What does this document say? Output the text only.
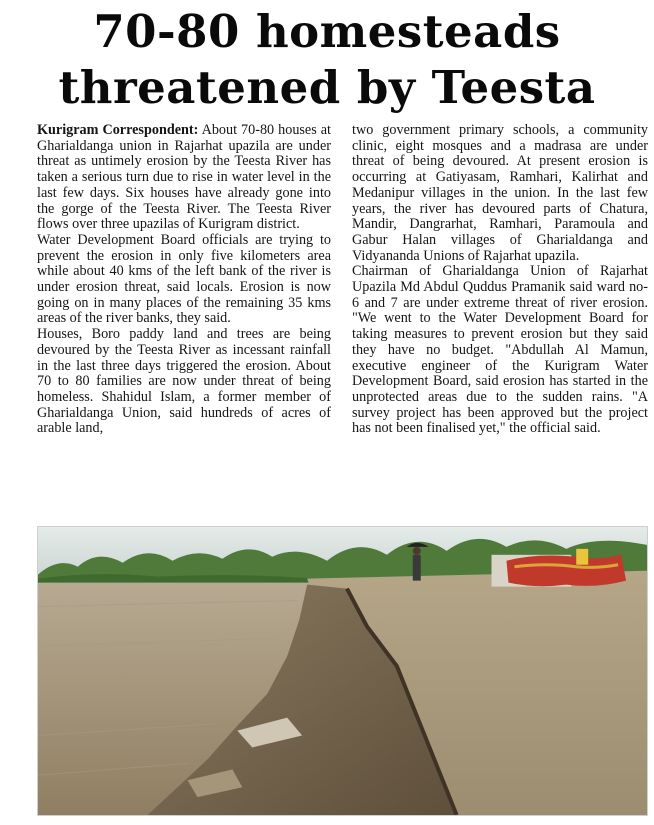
70-80 homesteads
threatened by Teesta

Kurigram Correspondent: About 70-80 houses at Gharialdanga union in Rajarhat upazila are under threat as untimely erosion by the Teesta River has taken a serious turn due to rise in water level in the last few days. Six houses have already gone into the gorge of the Teesta River. The Teesta River flows over three upazilas of Kurigram district.

Water Development Board officials are trying to prevent the erosion in only five kilometers area while about 40 kms of the left bank of the river is under erosion threat, said locals. Erosion is now going on in many places of the remaining 35 kms areas of the river banks, they said.

Houses, Boro paddy land and trees are being devoured by the Teesta River as incessant rainfall in the last three days triggered the erosion. About 70 to 80 families are now under threat of being homeless. Shahidul Islam, a former member of Gharialdanga Union, said hundreds of acres of arable land,

two government primary schools, a community clinic, eight mosques and a madrasa are under threat of being devoured. At present erosion is occurring at Gatiyasam, Ramhari, Kalirhat and Medanipur villages in the union. In the last few years, the river has devoured parts of Chatura, Mandir, Dangrarhat, Ramhari, Paramoula and Gabur Halan villages of Gharialdanga and Vidyananda Unions of Rajarhat upazila.

Chairman of Gharialdanga Union of Rajarhat Upazila Md Abdul Quddus Pramanik said ward no-6 and 7 are under extreme threat of river erosion. "We went to the Water Development Board for taking measures to prevent erosion but they said they have no budget. "Abdullah Al Mamun, executive engineer of the Kurigram Water Development Board, said erosion has started in the unprotected areas due to the sudden rains. "A survey project has been approved but the project has not been finalised yet," the official said.
